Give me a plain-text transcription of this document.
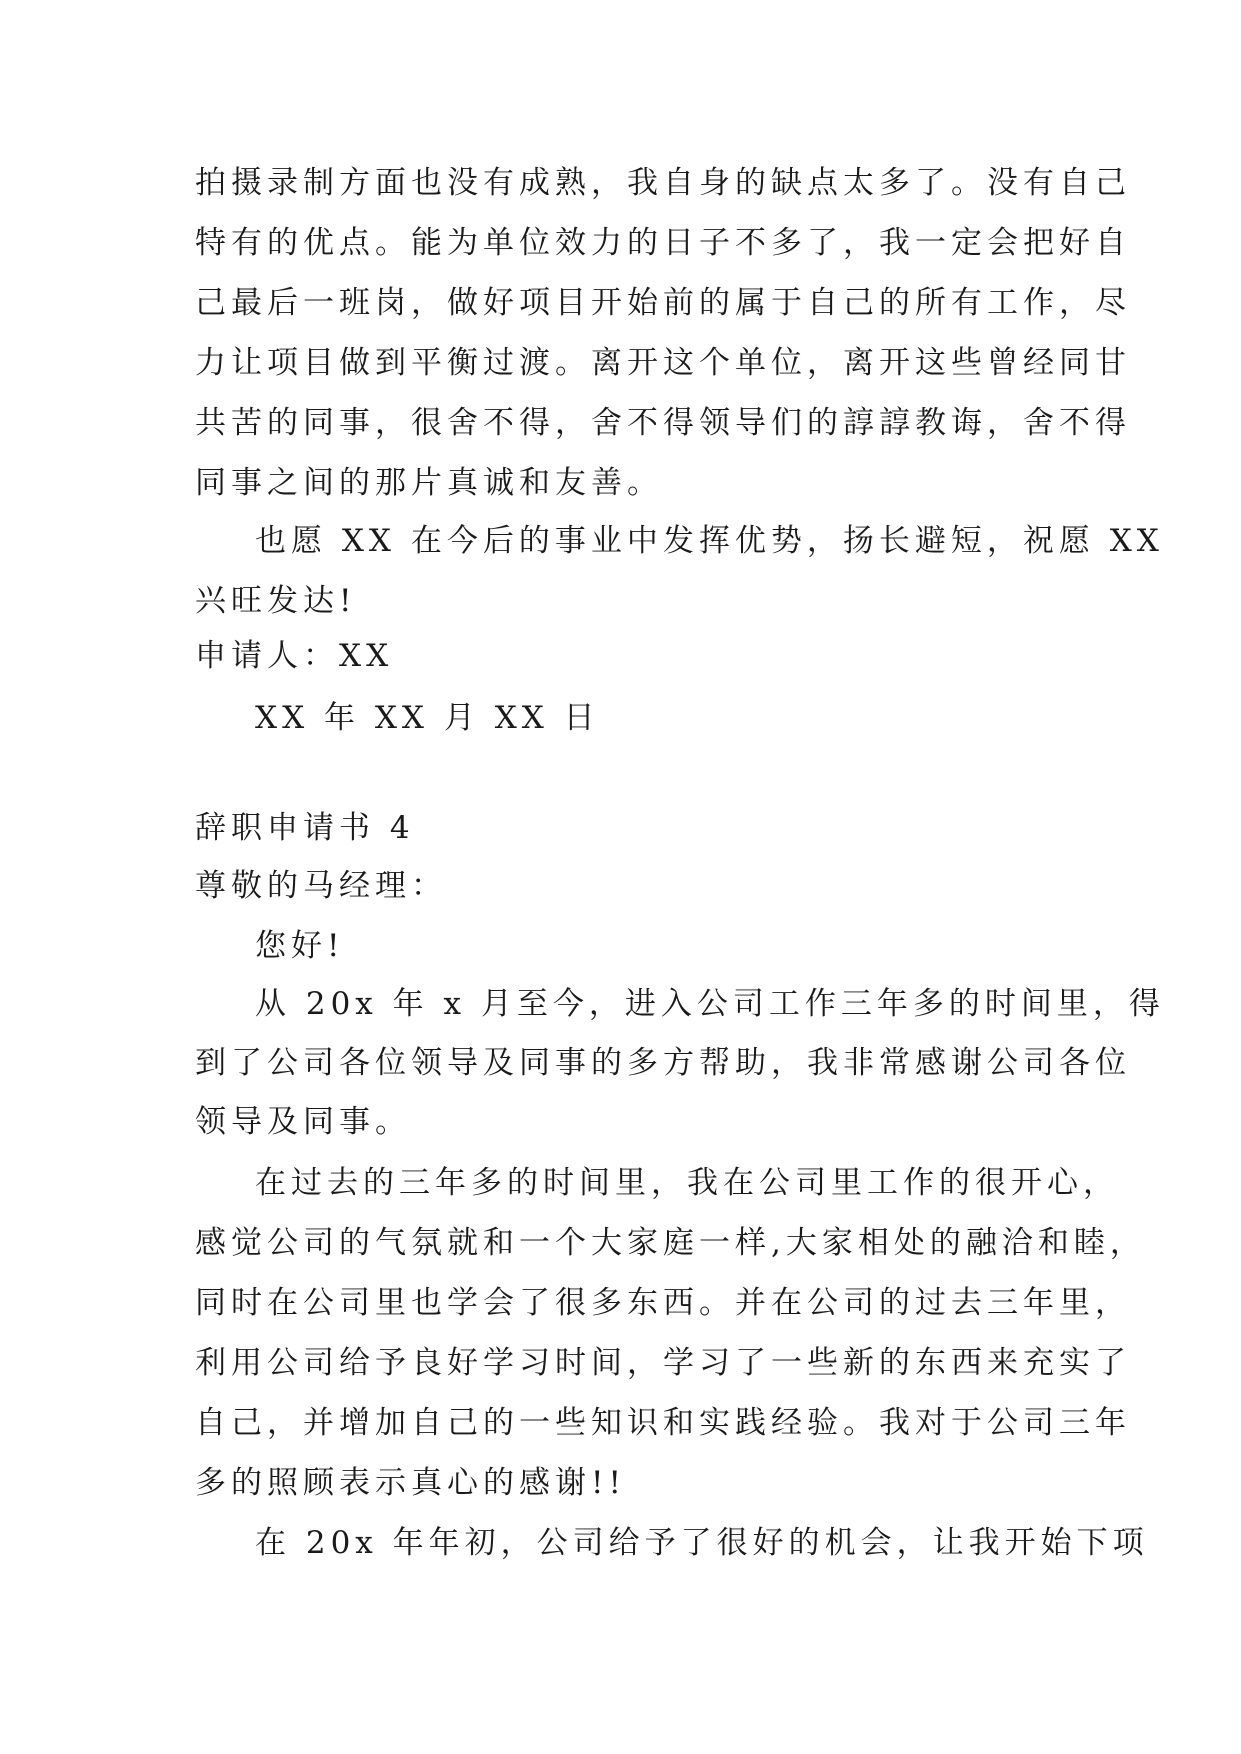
拍摄录制方面也没有成熟，我自身的缺点太多了。没有自己
特有的优点。能为单位效力的日子不多了，我一定会把好自
己最后一班岗，做好项目开始前的属于自己的所有工作，尽
力让项目做到平衡过渡。离开这个单位，离开这些曾经同甘
共苦的同事，很舍不得，舍不得领导们的諄諄教诲，舍不得
同事之间的那片真诚和友善。
也愿 XX 在今后的事业中发挥优势，扬长避短，祝愿 XX
兴旺发达!
申请人：XX
XX 年 XX 月 XX 日
辞职申请书 4
尊敬的马经理：
您好!
从 20x 年 x 月至今，进入公司工作三年多的时间里，得
到了公司各位领导及同事的多方帮助，我非常感谢公司各位
领导及同事。
在过去的三年多的时间里，我在公司里工作的很开心，
感觉公司的气氛就和一个大家庭一样,大家相处的融洽和睦，
同时在公司里也学会了很多东西。并在公司的过去三年里，
利用公司给予良好学习时间，学习了一些新的东西来充实了
自己，并增加自己的一些知识和实践经验。我对于公司三年
多的照顾表示真心的感谢!!
在 20x 年年初，公司给予了很好的机会，让我开始下项
